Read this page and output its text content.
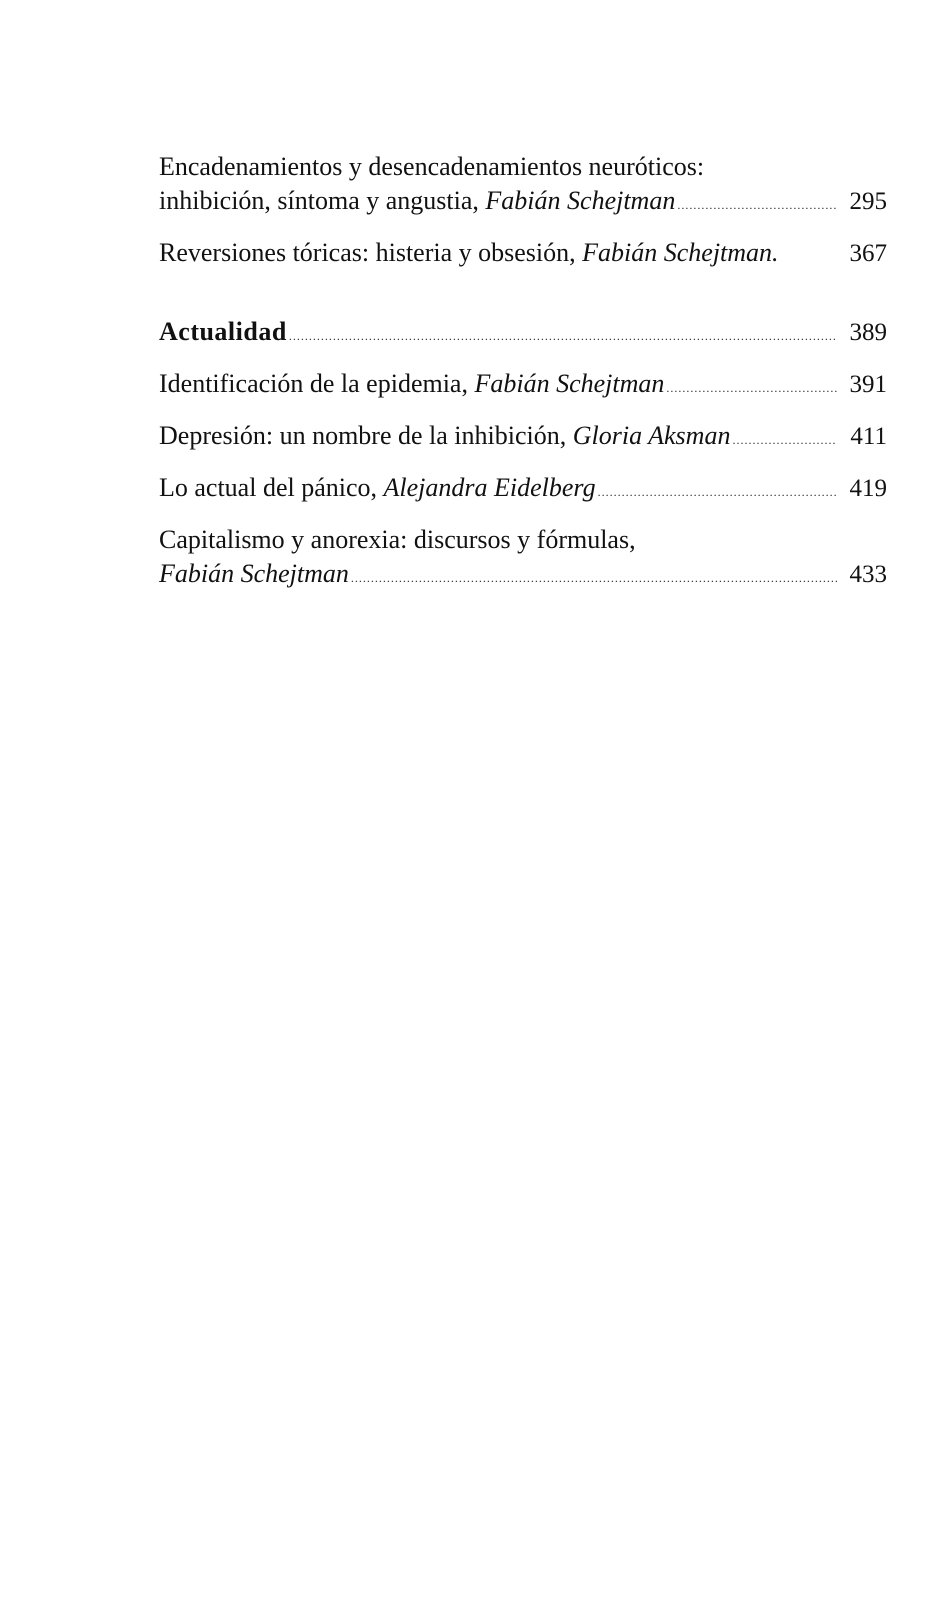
Encadenamientos y desencadenamientos neuróticos:
inhibición, síntoma y angustia, Fabián Schejtman .....	295
Reversiones tóricas: histeria y obsesión, Fabián Schejtman.	367
Actualidad .....	389
Identificación de la epidemia, Fabián Schejtman .....	391
Depresión: un nombre de la inhibición, Gloria Aksman .....	411
Lo actual del pánico, Alejandra Eidelberg .....	419
Capitalismo y anorexia: discursos y fórmulas,
Fabián Schejtman .....	433
